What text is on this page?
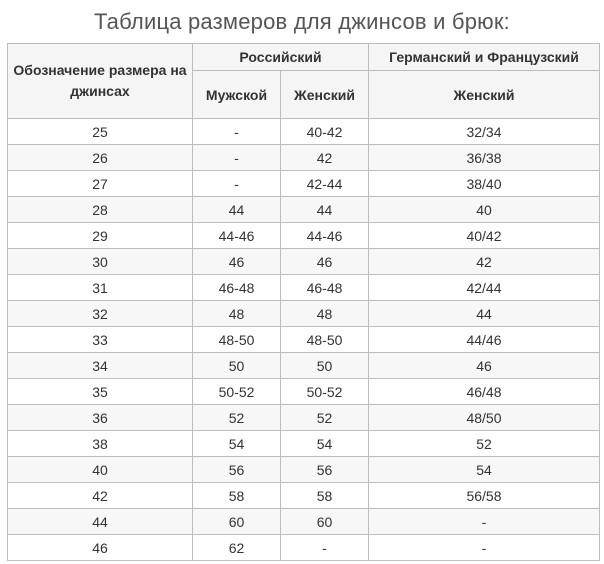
Таблица размеров для джинсов и брюк:
Обозначение размера на джинсах	Российский		Германский и Французский
	Мужской	Женский	Женский
25	-	40-42	32/34
26	-	42	36/38
27	-	42-44	38/40
28	44	44	40
29	44-46	44-46	40/42
30	46	46	42
31	46-48	46-48	42/44
32	48	48	44
33	48-50	48-50	44/46
34	50	50	46
35	50-52	50-52	46/48
36	52	52	48/50
38	54	54	52
40	56	56	54
42	58	58	56/58
44	60	60	-
46	62	-	-
